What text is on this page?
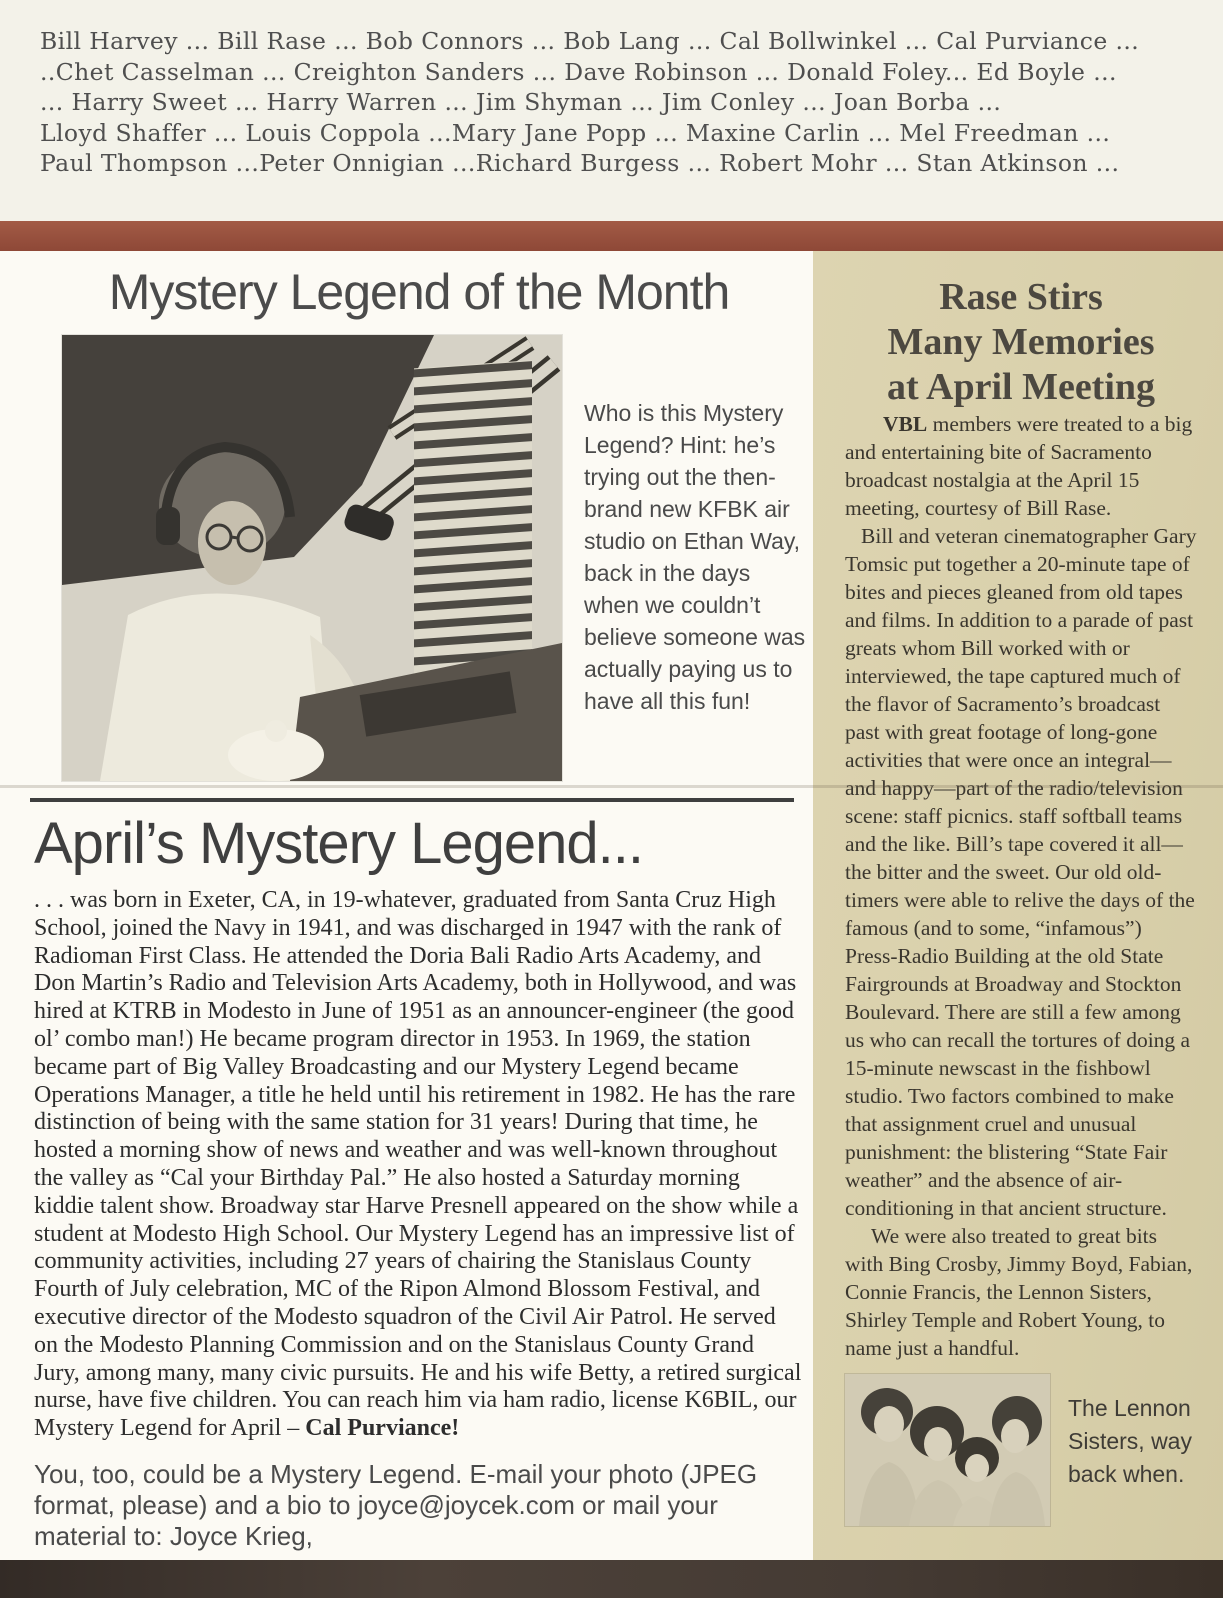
Bill Harvey ... Bill Rase ... Bob Connors ... Bob Lang ... Cal Bollwinkel ... Cal Purviance ...
..Chet Casselman ... Creighton Sanders ... Dave Robinson ... Donald Foley... Ed Boyle ...
... Harry Sweet ... Harry Warren ... Jim Shyman ... Jim Conley ... Joan Borba ...
Lloyd Shaffer ... Louis Coppola ...Mary Jane Popp ... Maxine Carlin ... Mel Freedman ...
Paul Thompson ...Peter Onnigian ...Richard Burgess ... Robert Mohr ... Stan Atkinson ...
Mystery Legend of the Month
Who is this Mystery Legend? Hint: he’s trying out the then-brand new KFBK air studio on Ethan Way, back in the days when we couldn’t believe someone was actually paying us to have all this fun!
April’s Mystery Legend...

. . . was born in Exeter, CA, in 19-whatever, graduated from Santa Cruz High School, joined the Navy in 1941, and was discharged in 1947 with the rank of Radioman First Class. He attended the Doria Bali Radio Arts Academy, and Don Martin’s Radio and Television Arts Academy, both in Hollywood, and was hired at KTRB in Modesto in June of 1951 as an announcer-engineer (the good ol’ combo man!) He became program director in 1953. In 1969, the station became part of Big Valley Broadcasting and our Mystery Legend became Operations Manager, a title he held until his retirement in 1982. He has the rare distinction of being with the same station for 31 years! During that time, he hosted a morning show of news and weather and was well-known throughout the valley as “Cal your Birthday Pal.” He also hosted a Saturday morning kiddie talent show. Broadway star Harve Presnell appeared on the show while a student at Modesto High School. Our Mystery Legend has an impressive list of community activities, including 27 years of chairing the Stanislaus County Fourth of July celebration, MC of the Ripon Almond Blossom Festival, and executive director of the Modesto squadron of the Civil Air Patrol. He served on the Modesto Planning Commission and on the Stanislaus County Grand Jury, among many, many civic pursuits. He and his wife Betty, a retired surgical nurse, have five children. You can reach him via ham radio, license K6BIL, our Mystery Legend for April – Cal Purviance!

You, too, could be a Mystery Legend. E-mail your photo (JPEG format, please) and a bio to joyce@joycek.com or mail your material to: Joyce Krieg,

Rase Stirs
Many Memories
at April Meeting

VBL members were treated to a big and entertaining bite of Sacramento broadcast nostalgia at the April 15 meeting, courtesy of Bill Rase.

Bill and veteran cinematographer Gary Tomsic put together a 20-minute tape of bites and pieces gleaned from old tapes and films. In addition to a parade of past greats whom Bill worked with or interviewed, the tape captured much of the flavor of Sacramento’s broadcast past with great footage of long-gone activities that were once an integral—and happy—part of the radio/television scene: staff picnics. staff softball teams and the like. Bill’s tape covered it all—the bitter and the sweet. Our old old-timers were able to relive the days of the famous (and to some, “infamous”) Press-Radio Building at the old State Fairgrounds at Broadway and Stockton Boulevard. There are still a few among us who can recall the tortures of doing a 15-minute newscast in the fishbowl studio. Two factors combined to make that assignment cruel and unusual punishment: the blistering “State Fair weather” and the absence of air-conditioning in that ancient structure.

We were also treated to great bits with Bing Crosby, Jimmy Boyd, Fabian, Connie Francis, the Lennon Sisters, Shirley Temple and Robert Young, to name just a handful.

The Lennon Sisters, way back when.
